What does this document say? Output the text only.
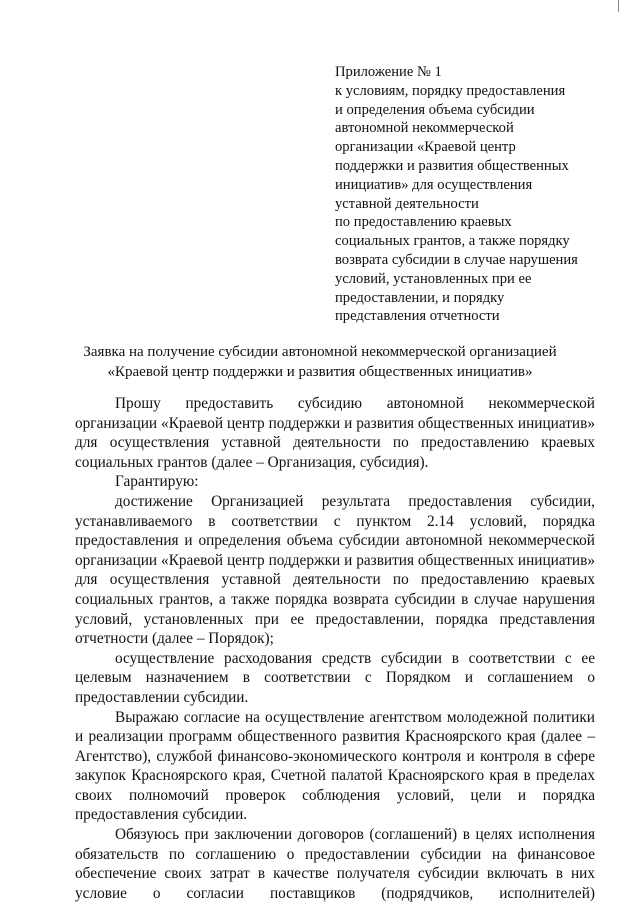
Приложение № 1
к условиям, порядку предоставления
и определения объема субсидии
автономной некоммерческой
организации «Краевой центр
поддержки и развития общественных
инициатив» для осуществления
уставной деятельности
по предоставлению краевых
социальных грантов, а также порядку
возврата субсидии в случае нарушения
условий, установленных при ее
предоставлении, и порядку
представления отчетности
Заявка на получение субсидии автономной некоммерческой организацией
«Краевой центр поддержки и развития общественных инициатив»

Прошу предоставить субсидию автономной некоммерческой организации «Краевой центр поддержки и развития общественных инициатив» для осуществления уставной деятельности по предоставлению краевых социальных грантов (далее – Организация, субсидия).

Гарантирую:

достижение Организацией результата предоставления субсидии, устанавливаемого в соответствии с пунктом 2.14 условий, порядка предоставления и определения объема субсидии автономной некоммерческой организации «Краевой центр поддержки и развития общественных инициатив» для осуществления уставной деятельности по предоставлению краевых социальных грантов, а также порядка возврата субсидии в случае нарушения условий, установленных при ее предоставлении, порядка представления отчетности (далее – Порядок);

осуществление расходования средств субсидии в соответствии с ее целевым назначением в соответствии с Порядком и соглашением о предоставлении субсидии.

Выражаю согласие на осуществление агентством молодежной политики и реализации программ общественного развития Красноярского края (далее – Агентство), службой финансово-экономического контроля и контроля в сфере закупок Красноярского края, Счетной палатой Красноярского края в пределах своих полномочий проверок соблюдения условий, цели и порядка предоставления субсидии.

Обязуюсь при заключении договоров (соглашений) в целях исполнения обязательств по соглашению о предоставлении субсидии на финансовое обеспечение своих затрат в качестве получателя субсидии включать в них условие о согласии поставщиков (подрядчиков, исполнителей)
